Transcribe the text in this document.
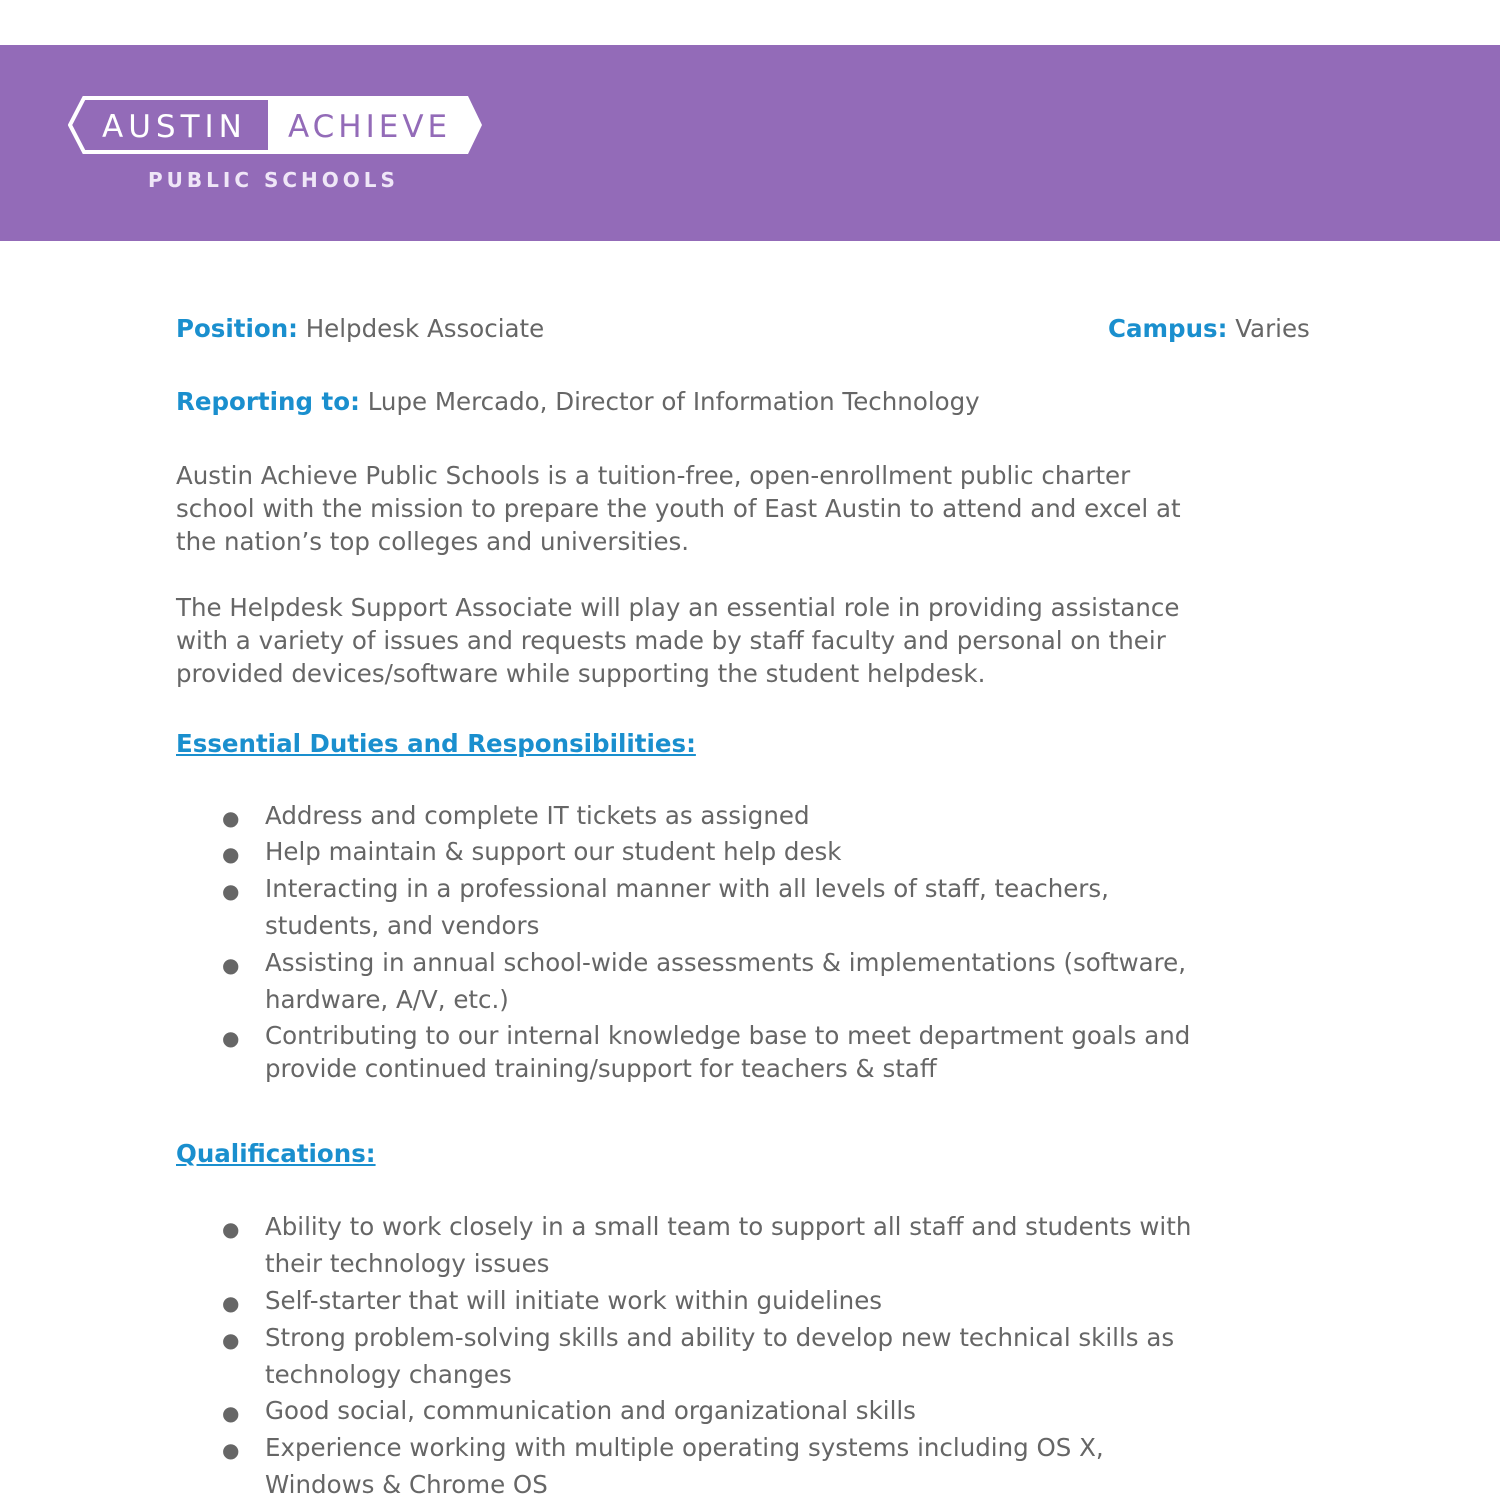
AUSTIN ACHIEVE
PUBLIC SCHOOLS
Position: Helpdesk Associate	Campus: Varies
Reporting to: Lupe Mercado, Director of Information Technology
Austin Achieve Public Schools is a tuition-free, open-enrollment public charter
school with the mission to prepare the youth of East Austin to attend and excel at
the nation’s top colleges and universities.
The Helpdesk Support Associate will play an essential role in providing assistance
with a variety of issues and requests made by staff faculty and personal on their
provided devices/software while supporting the student helpdesk.
Essential Duties and Responsibilities:
● Address and complete IT tickets as assigned
● Help maintain & support our student help desk
● Interacting in a professional manner with all levels of staff, teachers,
students, and vendors
● Assisting in annual school-wide assessments & implementations (software,
hardware, A/V, etc.)
● Contributing to our internal knowledge base to meet department goals and
provide continued training/support for teachers & staff
Qualifications:
● Ability to work closely in a small team to support all staff and students with
their technology issues
● Self-starter that will initiate work within guidelines
● Strong problem-solving skills and ability to develop new technical skills as
technology changes
● Good social, communication and organizational skills
● Experience working with multiple operating systems including OS X,
Windows & Chrome OS
